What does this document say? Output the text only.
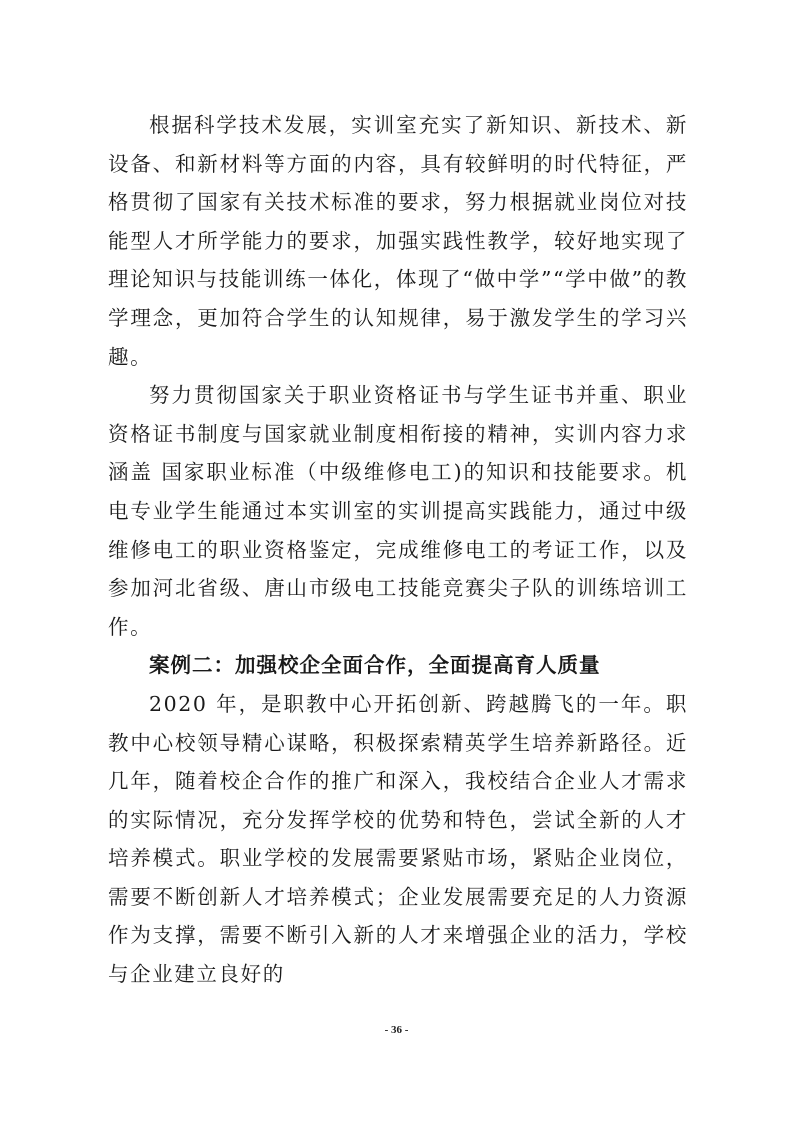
根据科学技术发展，实训室充实了新知识、新技术、新设备、和新材料等方面的内容，具有较鲜明的时代特征，严格贯彻了国家有关技术标准的要求，努力根据就业岗位对技能型人才所学能力的要求，加强实践性教学，较好地实现了理论知识与技能训练一体化，体现了“做中学”“学中做”的教学理念，更加符合学生的认知规律，易于激发学生的学习兴趣。

努力贯彻国家关于职业资格证书与学生证书并重、职业资格证书制度与国家就业制度相衔接的精神，实训内容力求涵盖 国家职业标准（中级维修电工)的知识和技能要求。机电专业学生能通过本实训室的实训提高实践能力，通过中级维修电工的职业资格鉴定，完成维修电工的考证工作，以及参加河北省级、唐山市级电工技能竞赛尖子队的训练培训工作。

案例二：加强校企全面合作，全面提高育人质量

2020 年，是职教中心开拓创新、跨越腾飞的一年。职教中心校领导精心谋略，积极探索精英学生培养新路径。近几年，随着校企合作的推广和深入，我校结合企业人才需求的实际情况，充分发挥学校的优势和特色，尝试全新的人才培养模式。职业学校的发展需要紧贴市场，紧贴企业岗位，需要不断创新人才培养模式；企业发展需要充足的人力资源作为支撑，需要不断引入新的人才来增强企业的活力，学校与企业建立良好的

- 36 -
